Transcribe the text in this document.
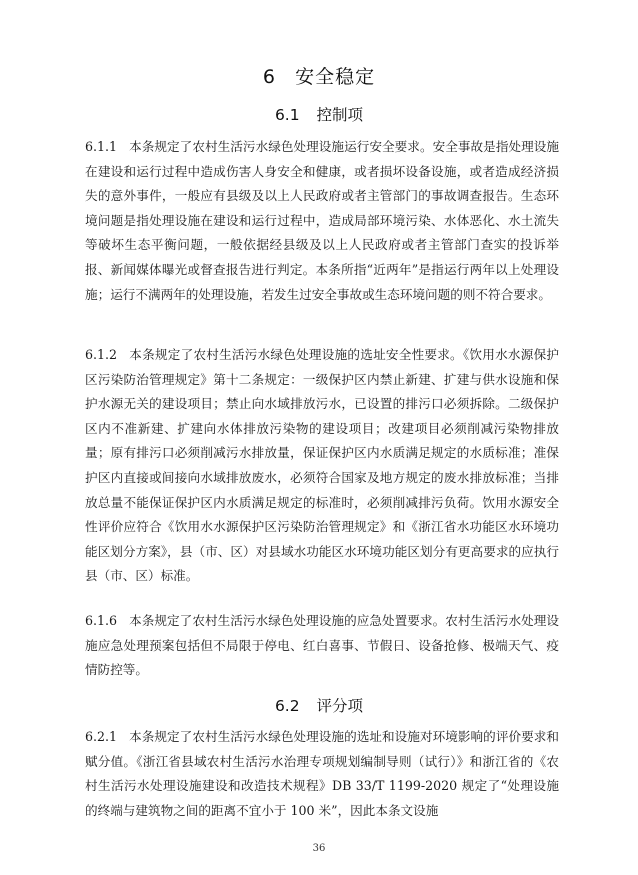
6 安全稳定
6.1 控制项

6.1.1 本条规定了农村生活污水绿色处理设施运行安全要求。安全事故是指处理设施在建设和运行过程中造成伤害人身安全和健康，或者损坏设备设施，或者造成经济损失的意外事件，一般应有县级及以上人民政府或者主管部门的事故调查报告。生态环境问题是指处理设施在建设和运行过程中，造成局部环境污染、水体恶化、水土流失等破坏生态平衡问题，一般依据经县级及以上人民政府或者主管部门查实的投诉举报、新闻媒体曝光或督查报告进行判定。本条所指“近两年”是指运行两年以上处理设施；运行不满两年的处理设施，若发生过安全事故或生态环境问题的则不符合要求。

6.1.2 本条规定了农村生活污水绿色处理设施的选址安全性要求。《饮用水水源保护区污染防治管理规定》第十二条规定：一级保护区内禁止新建、扩建与供水设施和保护水源无关的建设项目；禁止向水域排放污水，已设置的排污口必须拆除。二级保护区内不准新建、扩建向水体排放污染物的建设项目；改建项目必须削减污染物排放量；原有排污口必须削减污水排放量，保证保护区内水质满足规定的水质标准；准保护区内直接或间接向水域排放废水，必须符合国家及地方规定的废水排放标准；当排放总量不能保证保护区内水质满足规定的标准时，必须削减排污负荷。饮用水源安全性评价应符合《饮用水水源保护区污染防治管理规定》和《浙江省水功能区水环境功能区划分方案》，县（市、区）对县域水功能区水环境功能区划分有更高要求的应执行县（市、区）标准。

6.1.6 本条规定了农村生活污水绿色处理设施的应急处置要求。农村生活污水处理设施应急处理预案包括但不局限于停电、红白喜事、节假日、设备抢修、极端天气、疫情防控等。

6.2 评分项

6.2.1 本条规定了农村生活污水绿色处理设施的选址和设施对环境影响的评价要求和赋分值。《浙江省县域农村生活污水治理专项规划编制导则（试行）》和浙江省的《农村生活污水处理设施建设和改造技术规程》DB 33/T 1199-2020 规定了“处理设施的终端与建筑物之间的距离不宜小于 100 米”，因此本条文设施

36
